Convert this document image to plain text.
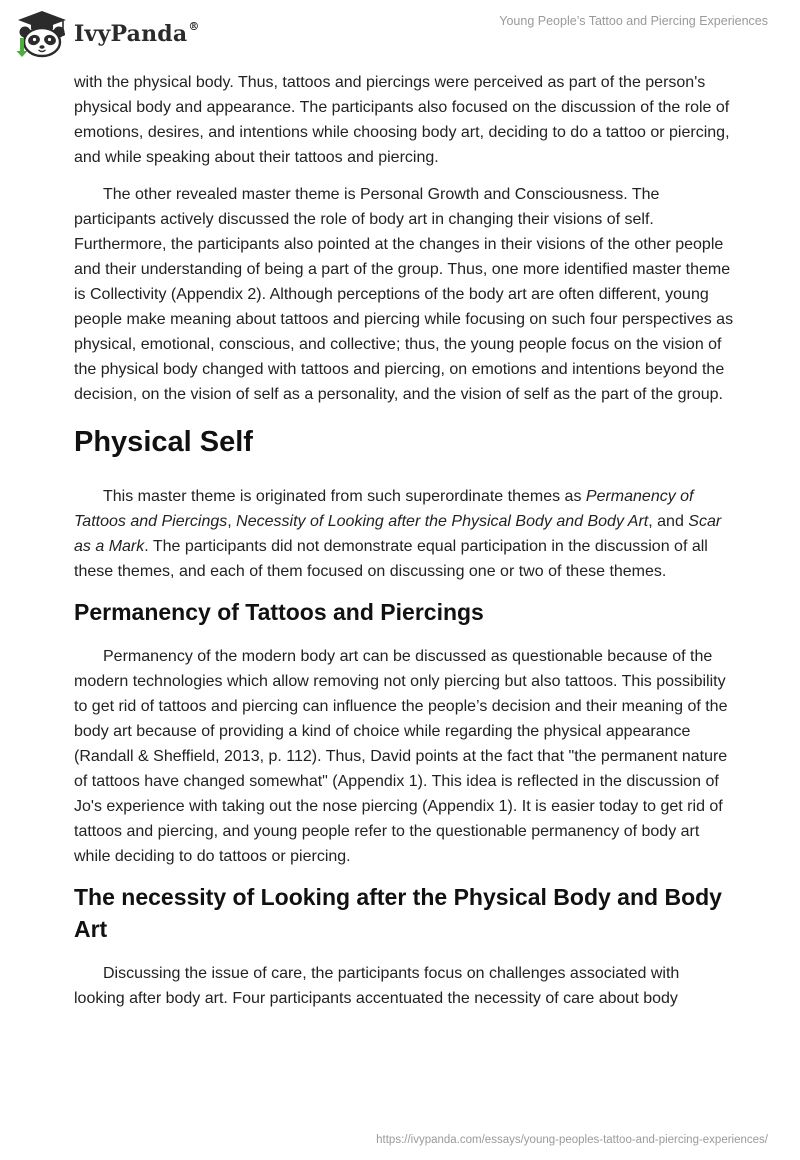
IvyPanda®	Young People’s Tattoo and Piercing Experiences

with the physical body. Thus, tattoos and piercings were perceived as part of the person's physical body and appearance. The participants also focused on the discussion of the role of emotions, desires, and intentions while choosing body art, deciding to do a tattoo or piercing, and while speaking about their tattoos and piercing.

The other revealed master theme is Personal Growth and Consciousness. The participants actively discussed the role of body art in changing their visions of self. Furthermore, the participants also pointed at the changes in their visions of the other people and their understanding of being a part of the group. Thus, one more identified master theme is Collectivity (Appendix 2). Although perceptions of the body art are often different, young people make meaning about tattoos and piercing while focusing on such four perspectives as physical, emotional, conscious, and collective; thus, the young people focus on the vision of the physical body changed with tattoos and piercing, on emotions and intentions beyond the decision, on the vision of self as a personality, and the vision of self as the part of the group.

Physical Self

This master theme is originated from such superordinate themes as Permanency of Tattoos and Piercings, Necessity of Looking after the Physical Body and Body Art, and Scar as a Mark. The participants did not demonstrate equal participation in the discussion of all these themes, and each of them focused on discussing one or two of these themes.

Permanency of Tattoos and Piercings

Permanency of the modern body art can be discussed as questionable because of the modern technologies which allow removing not only piercing but also tattoos. This possibility to get rid of tattoos and piercing can influence the people’s decision and their meaning of the body art because of providing a kind of choice while regarding the physical appearance (Randall & Sheffield, 2013, p. 112). Thus, David points at the fact that "the permanent nature of tattoos have changed somewhat" (Appendix 1). This idea is reflected in the discussion of Jo's experience with taking out the nose piercing (Appendix 1). It is easier today to get rid of tattoos and piercing, and young people refer to the questionable permanency of body art while deciding to do tattoos or piercing.

The necessity of Looking after the Physical Body and Body Art

Discussing the issue of care, the participants focus on challenges associated with looking after body art. Four participants accentuated the necessity of care about body

https://ivypanda.com/essays/young-peoples-tattoo-and-piercing-experiences/
